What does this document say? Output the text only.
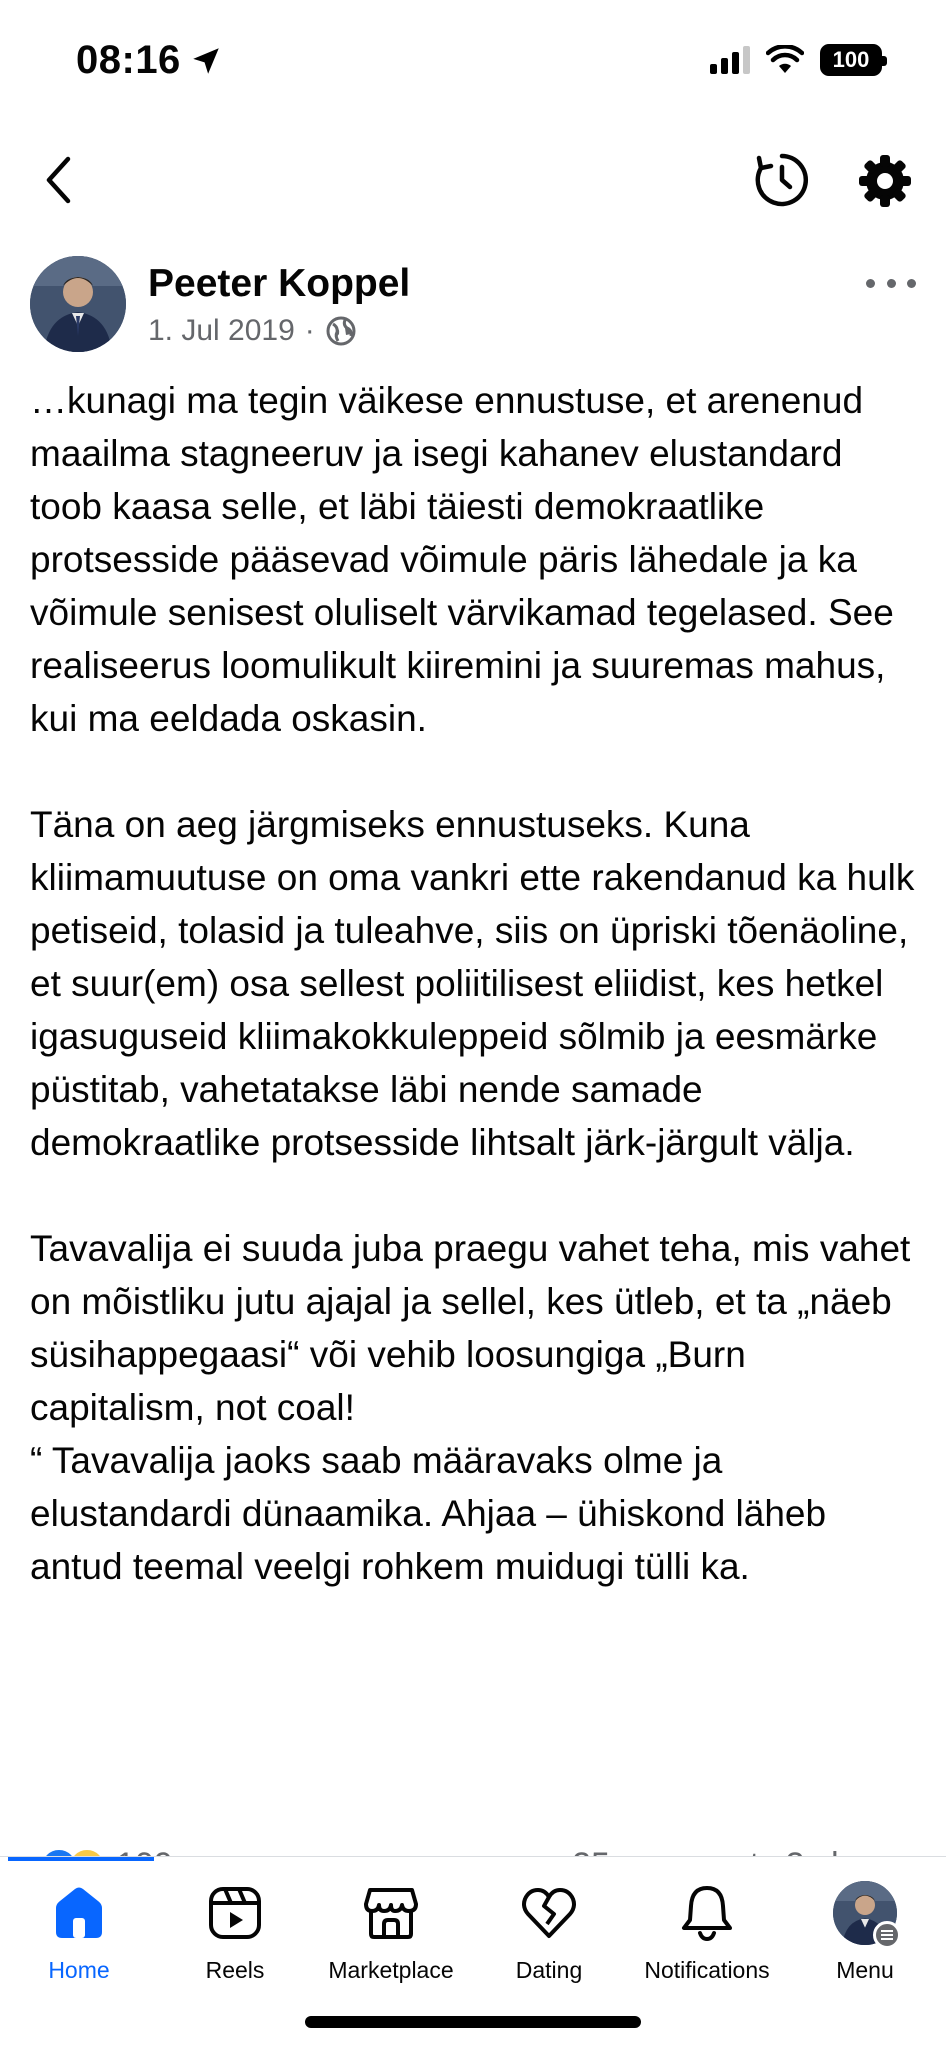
08:16	100
Peeter Koppel
1. Jul 2019 ·

…kunagi ma tegin väikese ennustuse, et arenenud maailma stagneeruv ja isegi kahanev elustandard toob kaasa selle, et läbi täiesti demokraatlike protsesside pääsevad võimule päris lähedale ja ka võimule senisest oluliselt värvikamad tegelased. See realiseerus loomulikult kiiremini ja suuremas mahus, kui ma eeldada oskasin.

Täna on aeg järgmiseks ennustuseks. Kuna kliimamuutuse on oma vankri ette rakendanud ka hulk petiseid, tolasid ja tuleahve, siis on üpriski tõenäoline, et suur(em) osa sellest poliitilisest eliidist, kes hetkel igasuguseid kliimakokkuleppeid sõlmib ja eesmärke püstitab, vahetatakse läbi nende samade demokraatlike protsesside lihtsalt järk-järgult välja.

Tavavalija ei suuda juba praegu vahet teha, mis vahet on mõistliku jutu ajajal ja sellel, kes ütleb, et ta „näeb süsihappegaasi“ või vehib loosungiga „Burn capitalism, not coal!
“ Tavavalija jaoks saab määravaks olme ja elustandardi dünaamika. Ahjaa – ühiskond läheb antud teemal veelgi rohkem muidugi tülli ka.

Home	Reels	Marketplace	Dating	Notifications	Menu
